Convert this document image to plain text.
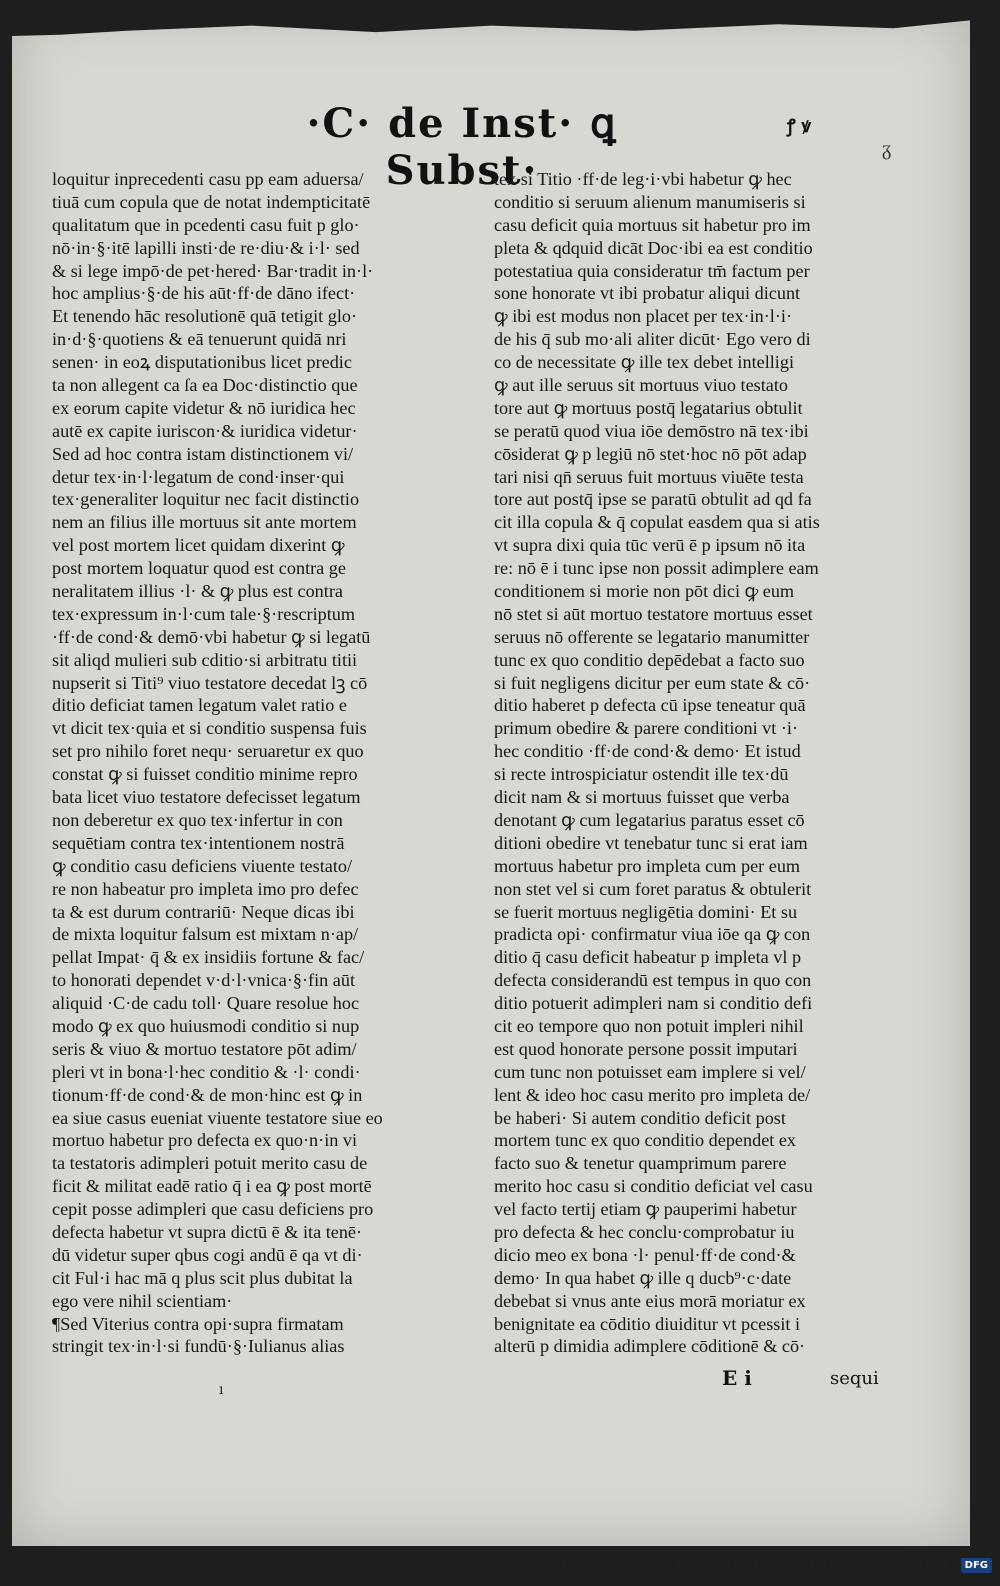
·C· de Inst· ꝗ Subst·
ꝭ ꝟ
ᵹ
loquitur inprecedenti casu pp eam aduersa/
tiuā cum copula que de notat indempticitatē
qualitatum que in pcedenti casu fuit p glo·
nō·in·§·itē lapilli insti·de re·diu·& i·l· sed
& si lege impō·de pet·hered· Bar·tradit in·l·
hoc amplius·§·de his aūt·ff·de dāno ifect·
Et tenendo hāc resolutionē quā tetigit glo·
in·d·§·quotiens & eā tenuerunt quidā nri
senen· in eoꝝ disputationibus licet predic
ta non allegent ca ſa ea Doc·distinctio que
ex eorum capite videtur & nō iuridica hec
autē ex capite iuriscon·& iuridica videtur·
Sed ad hoc contra istam distinctionem vi/
detur tex·in·l·legatum de cond·inser·qui
tex·generaliter loquitur nec facit distinctio
nem an filius ille mortuus sit ante mortem
vel post mortem licet quidam dixerint ꝙ
post mortem loquatur quod est contra ge
neralitatem illius ·l· & ꝙ plus est contra
tex·expressum in·l·cum tale·§·rescriptum
·ff·de cond·& demō·vbi habetur ꝙ si legatū
sit aliqd mulieri sub cditio·si arbitratu titii
nupserit si Titi⁹ viuo testatore decedat lꝫ cō
ditio deficiat tamen legatum valet ratio e
vt dicit tex·quia et si conditio suspensa fuis
set pro nihilo foret nequ· seruaretur ex quo
constat ꝙ si fuisset conditio minime repro
bata licet viuo testatore defecisset legatum
non deberetur ex quo tex·infertur in con
sequētiam contra tex·intentionem nostrā
ꝙ conditio casu deficiens viuente testato/
re non habeatur pro impleta imo pro defec
ta & est durum contrariū· Neque dicas ibi
de mixta loquitur falsum est mixtam n·ap/
pellat Impat· q̄ & ex insidiis fortune & fac/
to honorati dependet v·d·l·vnica·§·fin aūt
aliquid ·C·de cadu toll· Quare resolue hoc
modo ꝙ ex quo huiusmodi conditio si nup
seris & viuo & mortuo testatore pōt adim/
pleri vt in bona·l·hec conditio & ·l· condi·
tionum·ff·de cond·& de mon·hinc est ꝙ in
ea siue casus eueniat viuente testatore siue eo
mortuo habetur pro defecta ex quo·n·in vi
ta testatoris adimpleri potuit merito casu de
ficit & militat eadē ratio q̄ i ea ꝙ post mortē
cepit posse adimpleri que casu deficiens pro
defecta habetur vt supra dictū ē & ita tenē·
dū videtur super qbus cogi andū ē qa vt di·
cit Ful·i hac mā q plus scit plus dubitat la
ego vere nihil scientiam·
¶Sed Viterius contra opi·supra firmatam
stringit tex·in·l·si fundū·§·Iulianus alias
tex si Titio ·ff·de leg·i·vbi habetur ꝙ hec
conditio si seruum alienum manumiseris si
casu deficit quia mortuus sit habetur pro im
pleta & qdquid dicāt Doc·ibi ea est conditio
potestatiua quia consideratur tm̄ factum per
sone honorate vt ibi probatur aliqui dicunt
ꝙ ibi est modus non placet per tex·in·l·i·
de his q̄ sub mo·ali aliter dicūt· Ego vero di
co de necessitate ꝙ ille tex debet intelligi
ꝙ aut ille seruus sit mortuus viuo testato
tore aut ꝙ mortuus postq̄ legatarius obtulit
se peratū quod viua iōe demōstro nā tex·ibi
cōsiderat ꝙ p legiū nō stet·hoc nō pōt adap
tari nisi qn̄ seruus fuit mortuus viuēte testa
tore aut postq̄ ipse se paratū obtulit ad qd fa
cit illa copula & q̄ copulat easdem qua si atis
vt supra dixi quia tūc verū ē p ipsum nō ita
re: nō ē i tunc ipse non possit adimplere eam
conditionem si morie non pōt dici ꝙ eum
nō stet si aūt mortuo testatore mortuus esset
seruus nō offerente se legatario manumitter
tunc ex quo conditio depēdebat a facto suo
si fuit negligens dicitur per eum state & cō·
ditio haberet p defecta cū ipse teneatur quā
primum obedire & parere conditioni vt ·i·
hec conditio ·ff·de cond·& demo· Et istud
si recte introspiciatur ostendit ille tex·dū
dicit nam & si mortuus fuisset que verba
denotant ꝙ cum legatarius paratus esset cō
ditioni obedire vt tenebatur tunc si erat iam
mortuus habetur pro impleta cum per eum
non stet vel si cum foret paratus & obtulerit
se fuerit mortuus negligētia domini· Et su
pradicta opi· confirmatur viua iōe qa ꝙ con
ditio q̄ casu deficit habeatur p impleta vl p
defecta considerandū est tempus in quo con
ditio potuerit adimpleri nam si conditio defi
cit eo tempore quo non potuit impleri nihil
est quod honorate persone possit imputari
cum tunc non potuisset eam implere si vel/
lent & ideo hoc casu merito pro impleta de/
be haberi· Si autem conditio deficit post
mortem tunc ex quo conditio dependet ex
facto suo & tenetur quamprimum parere
merito hoc casu si conditio deficiat vel casu
vel facto tertij etiam ꝙ pauperimi habetur
pro defecta & hec conclu·comprobatur iu
dicio meo ex bona ·l· penul·ff·de cond·&
demo· In qua habet ꝙ ille q ducb⁹·c·date
debebat si vnus ante eius morā moriatur ex
benignitate ea cōditio diuiditur vt pcessit i
alterū p dimidia adimplere cōditionē & cō·
ı	E i	sequi
Digitalisierung gefördert durch die Deutsche Forschungsgemeinschaft ·	DFG
